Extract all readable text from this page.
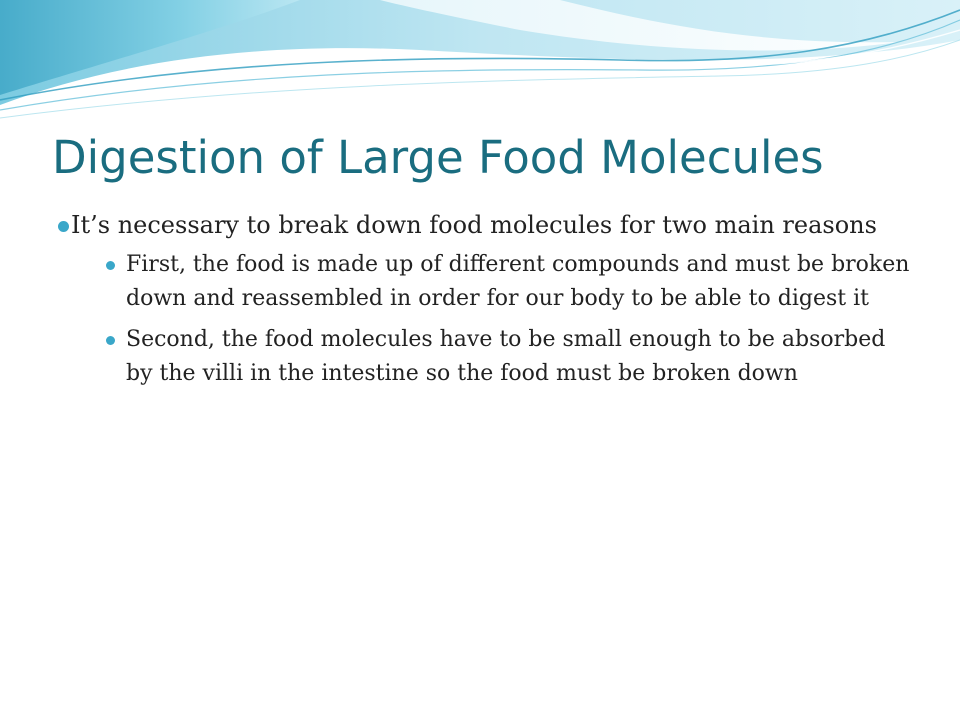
Digestion of Large Food Molecules
It’s necessary to break down food molecules for two main reasons
First, the food is made up of different compounds and must be broken down and reassembled in order for our body to be able to digest it
Second, the food molecules have to be small enough to be absorbed by the villi in the intestine so the food must be broken down
